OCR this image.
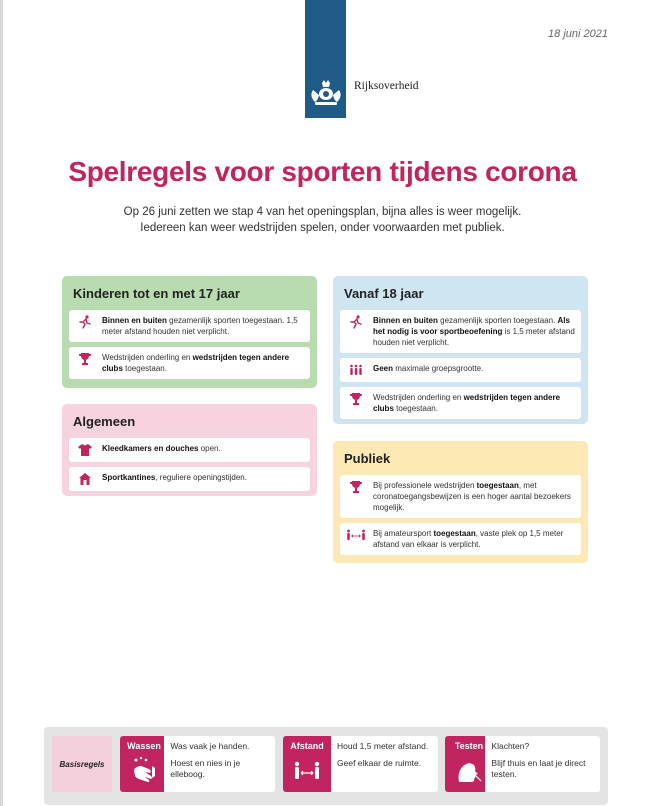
Rijksoverheid
18 juni 2021
Spelregels voor sporten tijdens corona
Op 26 juni zetten we stap 4 van het openingsplan, bijna alles is weer mogelijk.
Iedereen kan weer wedstrijden spelen, onder voorwaarden met publiek.
Kinderen tot en met 17 jaar
Binnen en buiten gezamenlijk sporten toegestaan. 1,5 meter afstand houden niet verplicht.
Wedstrijden onderling en wedstrijden tegen andere clubs toegestaan.
Algemeen
Kleedkamers en douches open.
Sportkantines, reguliere openingstijden.
Vanaf 18 jaar
Binnen en buiten gezamenlijk sporten toegestaan. Als het nodig is voor sportbeoefening is 1,5 meter afstand houden niet verplicht.
Geen maximale groepsgrootte.
Wedstrijden onderling en wedstrijden tegen andere clubs toegestaan.
Publiek
Bij professionele wedstrijden toegestaan, met coronatoegangsbewijzen is een hoger aantal bezoekers mogelijk.
Bij amateursport toegestaan, vaste plek op 1,5 meter afstand van elkaar is verplicht.
Basisregels
Wassen	Was vaak je handen.

Hoest en nies in je elleboog.

Afstand	Houd 1,5 meter afstand.

Geef elkaar de ruimte.

Testen Klachten?

Blijf thuis en laat je direct testen.
